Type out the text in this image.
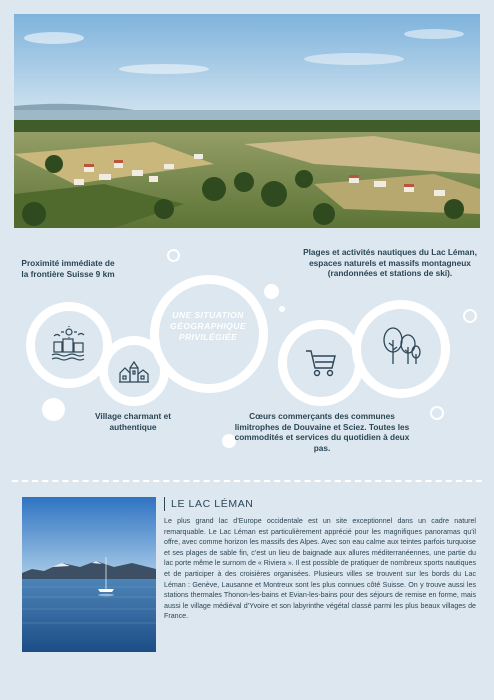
UNE SITUATION GÉOGRAPHIQUE PRIVILÉGIÉE
Proximité immédiate de la frontière Suisse 9 km
Plages et activités nautiques du Lac Léman, espaces naturels et massifs montagneux (randonnées et stations de ski).
Village charmant et authentique
Cœurs commerçants des communes limitrophes de Douvaine et Sciez. Toutes les commodités et services du quotidien à deux pas.
LE LAC LÉMAN
Le plus grand lac d’Europe occidentale est un site exceptionnel dans un cadre naturel remarquable. Le Lac Léman est particulièrement apprécié pour les magnifiques panoramas qu’il offre, avec comme horizon les massifs des Alpes. Avec son eau calme aux teintes parfois turquoise et ses plages de sable fin, c’est un lieu de baignade aux allures méditerranéennes, une partie du lac porte même le surnom de « Riviera ». Il est possible de pratiquer de nombreux sports nautiques et de participer à des croisières organisées. Plusieurs villes se trouvent sur les bords du Lac Léman : Genève, Lausanne et Montreux sont les plus connues côté Suisse. On y trouve aussi les stations thermales Thonon-les-bains et Evian-les-bains pour des séjours de remise en forme, mais aussi le village médiéval d’Yvoire et son labyrinthe végétal classé parmi les plus beaux villages de France.
